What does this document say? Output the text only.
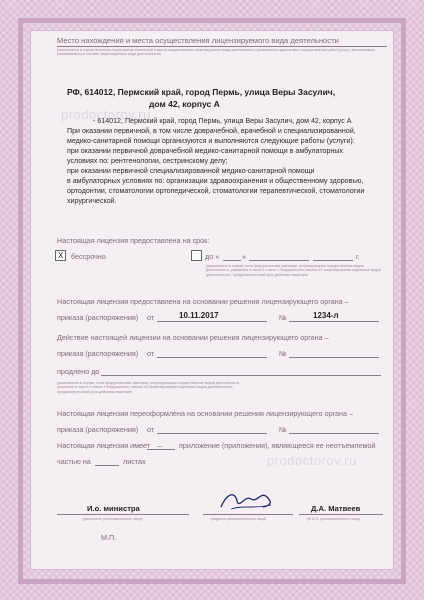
Место нахождения и места осуществления лицензируемого вида деятельности
(заполняется в случае внесения лицензиатом изменений в места осуществления лицензируемого вида деятельности, указываются адреса мест осуществления работ (услуг), выполняемых (оказываемых) в составе лицензируемого вида деятельности)
РФ, 614012, Пермский край, город Пермь, улица Веры Засулич,
дом 42, корпус А
- 614012, Пермский край, город Пермь, улица Веры Засулич, дом 42, корпус А
При оказании первичной, в том числе доврачебной, врачебной и специализированной,
медико-санитарной помощи организуются и выполняются следующие работы (услуги):
при оказании первичной доврачебной медико-санитарной помощи в амбулаторных
условиях по: рентгенологии, сестринскому делу;
при оказании первичной специализированной медико-санитарной помощи
в амбулаторных условиях по: организации здравоохранения и общественному здоровью,
ортодонтии, стоматологии ортопедической, стоматологии терапевтической, стоматологии
хирургической.
Настоящая лицензия предоставлена на срок:
X бессрочно	до «	»	г.
(указывается в случае, если федеральными законами, регулирующими осуществление видов деятельности, указанных в части 4 статьи 1 Федерального закона «О лицензировании отдельных видов деятельности», предусмотрен иной срок действия лицензии)
Настоящая лицензия предоставлена на основании решения лицензирующего органа –
приказа (распоряжения) от	10.11.2017	№	1234-л
Действие настоящей лицензии на основании решения лицензирующего органа –
приказа (распоряжения) от	№
продлено до
(указывается в случае, если федеральными законами, регулирующими осуществление видов деятельности, указанных в части 4 статьи 1 Федерального закона «О лицензировании отдельных видов деятельности», предусмотрен иной срок действия лицензии)
Настоящая лицензия переоформлена на основании решения лицензирующего органа –
приказа (распоряжения) от	№
Настоящая лицензия имеет _ приложение (приложения), являющееся ее неотъемлемой
частью на	листах
И.о. министра
(должность уполномоченного лица)	(подпись уполномоченного лица)
Д.А. Матвеев
(Ф.И.О. уполномоченного лица)
М.П.
prodoctorov.ru
prodoctorov.ru
